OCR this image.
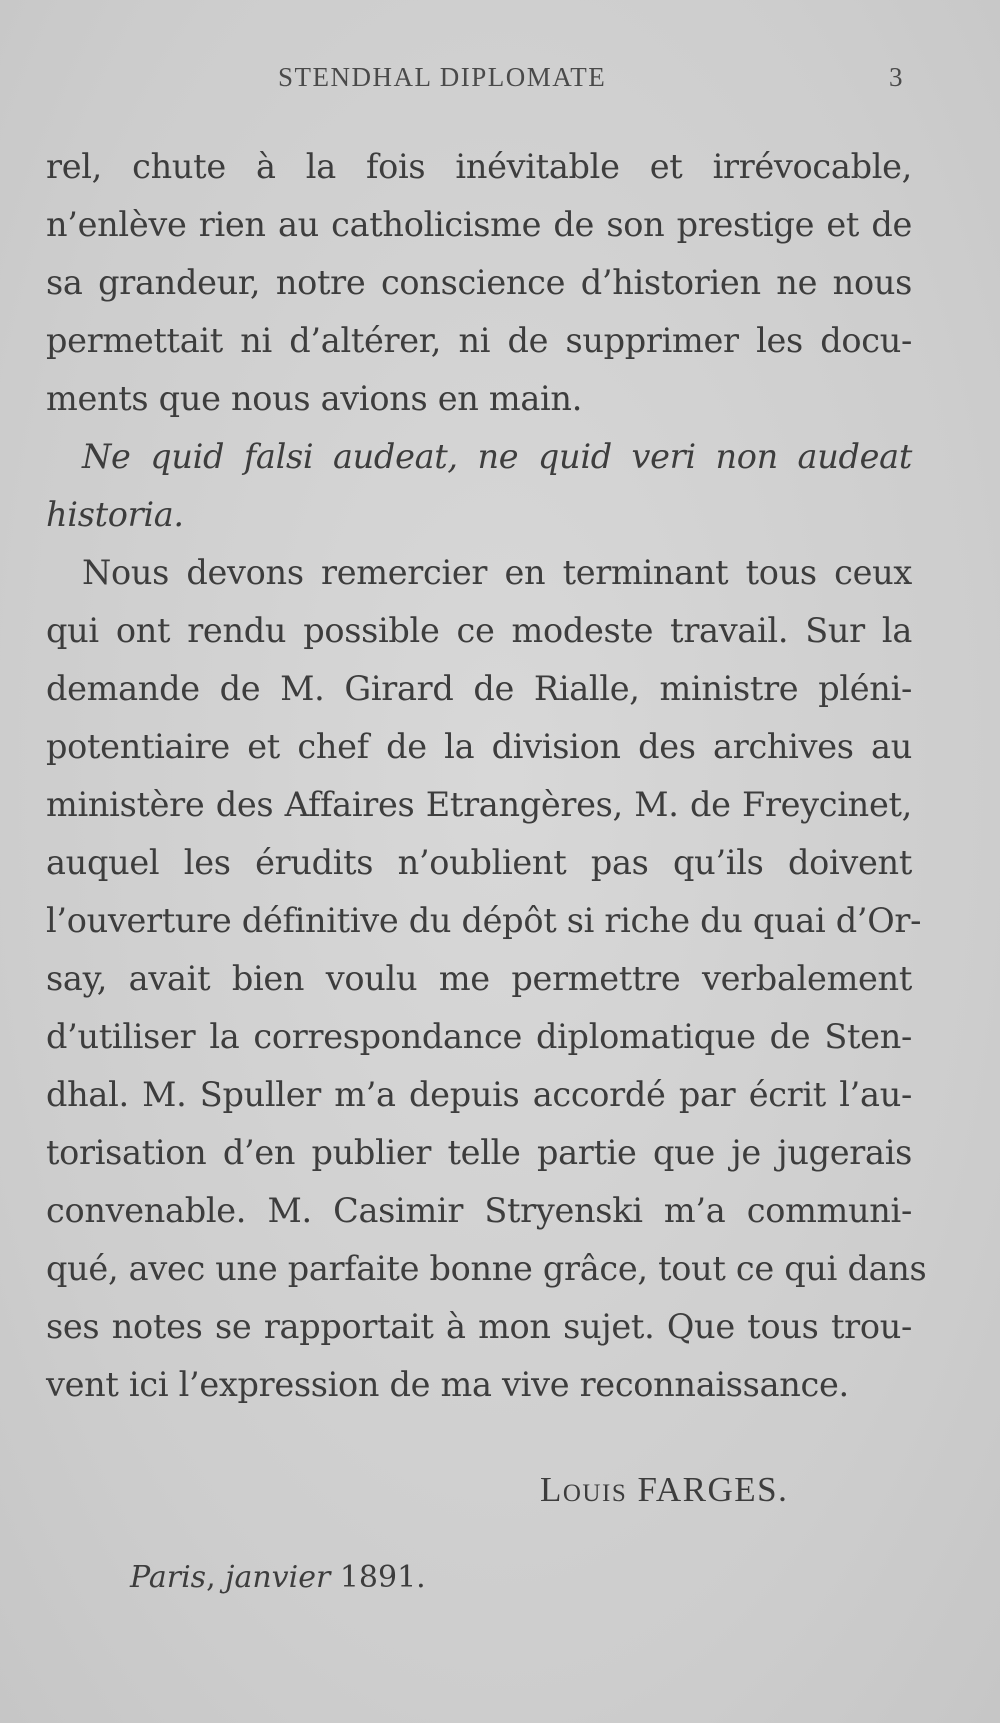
STENDHAL DIPLOMATE	3

rel, chute à la fois inévitable et irrévocable,
n’enlève rien au catholicisme de son prestige et de
sa grandeur, notre conscience d’historien ne nous
permettait ni d’altérer, ni de supprimer les docu-
ments que nous avions en main.

Ne quid falsi audeat, ne quid veri non audeat
historia.

Nous devons remercier en terminant tous ceux
qui ont rendu possible ce modeste travail. Sur la
demande de M. Girard de Rialle, ministre pléni-
potentiaire et chef de la division des archives au
ministère des Affaires Etrangères, M. de Freycinet,
auquel les érudits n’oublient pas qu’ils doivent
l’ouverture définitive du dépôt si riche du quai d’Or-
say, avait bien voulu me permettre verbalement
d’utiliser la correspondance diplomatique de Sten-
dhal. M. Spuller m’a depuis accordé par écrit l’au-
torisation d’en publier telle partie que je jugerais
convenable. M. Casimir Stryenski m’a communi-
qué, avec une parfaite bonne grâce, tout ce qui dans
ses notes se rapportait à mon sujet. Que tous trou-
vent ici l’expression de ma vive reconnaissance.

Louis FARGES.
Paris, janvier 1891.
